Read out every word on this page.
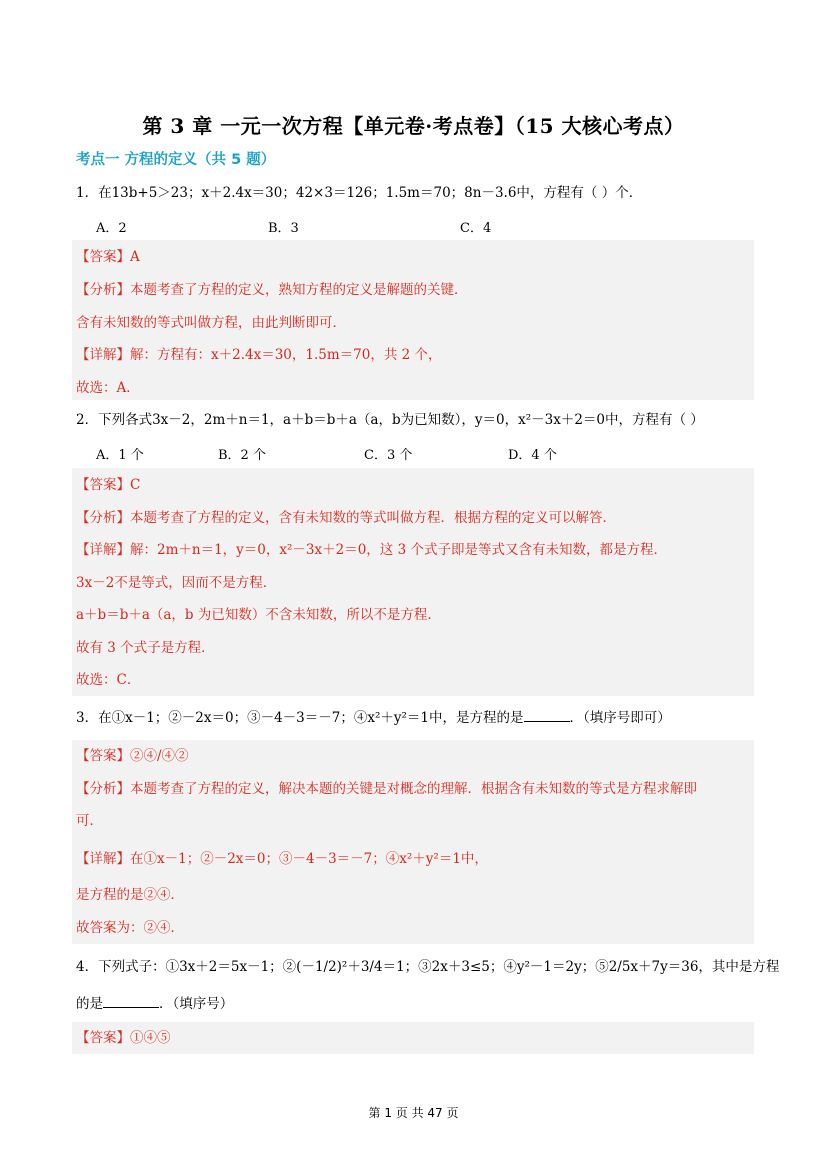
第 3 章 一元一次方程【单元卷·考点卷】（15 大核心考点）
考点一 方程的定义（共 5 题）
1．在13b+5＞23；x＋2.4x＝30；42×3＝126；1.5m＝70；8n－3.6中，方程有（ ）个．
A．2	B．3	C．4
【答案】A
【分析】本题考查了方程的定义，熟知方程的定义是解题的关键．
含有未知数的等式叫做方程，由此判断即可．
【详解】解：方程有：x＋2.4x＝30，1.5m＝70，共 2 个，
故选：A．
2．下列各式3x－2，2m＋n＝1，a＋b＝b＋a（a，b为已知数），y＝0，x²－3x＋2＝0中，方程有（ ）
A．1 个	B．2 个	C．3 个	D．4 个
【答案】C
【分析】本题考查了方程的定义，含有未知数的等式叫做方程．根据方程的定义可以解答．
【详解】解：2m＋n＝1，y＝0，x²－3x＋2＝0，这 3 个式子即是等式又含有未知数，都是方程．
3x－2不是等式，因而不是方程．
a＋b＝b＋a（a，b 为已知数）不含未知数，所以不是方程．
故有 3 个式子是方程．
故选：C．
3．在①x－1；②－2x＝0；③－4－3＝－7；④x²＋y²＝1中，是方程的是	．（填序号即可）
【答案】②④/④②
【分析】本题考查了方程的定义，解决本题的关键是对概念的理解．根据含有未知数的等式是方程求解即
可．
【详解】在①x－1；②－2x＝0；③－4－3＝－7；④x²＋y²＝1中，
是方程的是②④．
故答案为：②④．
4．下列式子：①3x＋2＝5x－1；②(－1/2)²＋3/4＝1；③2x＋3≤5；④y²－1＝2y；⑤2/5x＋7y＝36，其中是方程
的是	．（填序号）
【答案】①④⑤
第 1 页 共 47 页
